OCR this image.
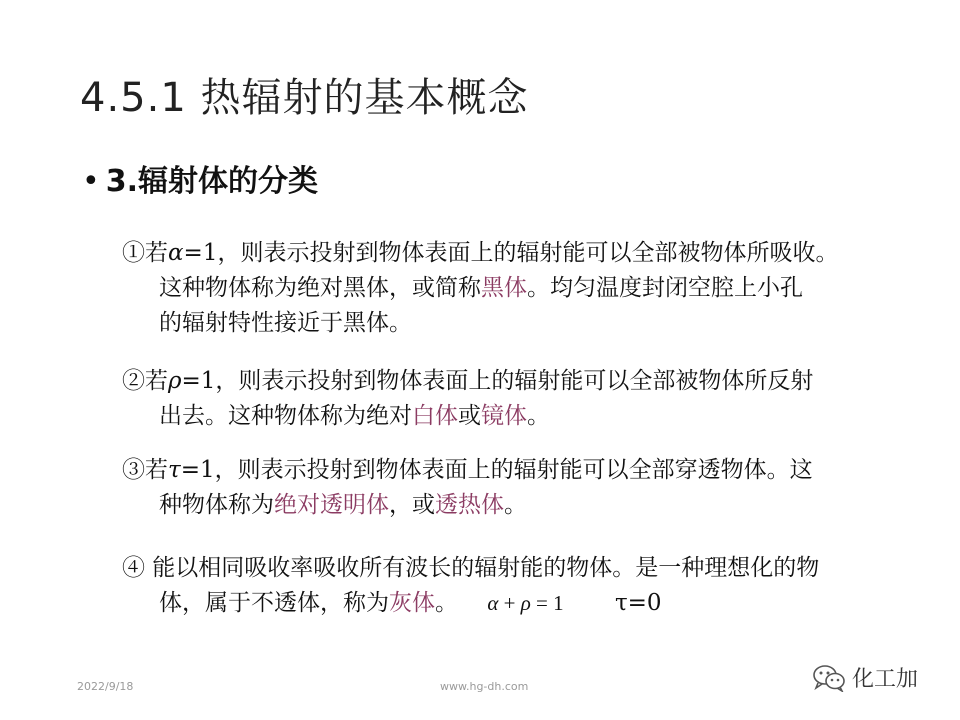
4.5.1 热辐射的基本概念
• 3.辐射体的分类
①若α=1，则表示投射到物体表面上的辐射能可以全部被物体所吸收。
这种物体称为绝对黑体，或简称黑体。均匀温度封闭空腔上小孔
的辐射特性接近于黑体。
②若ρ=1，则表示投射到物体表面上的辐射能可以全部被物体所反射
出去。这种物体称为绝对白体或镜体。
③若τ=1，则表示投射到物体表面上的辐射能可以全部穿透物体。这
种物体称为绝对透明体，或透热体。
④ 能以相同吸收率吸收所有波长的辐射能的物体。是一种理想化的物
体，属于不透体，称为灰体。 α + ρ = 1 τ=0
2022/9/18	www.hg-dh.com	化工加
